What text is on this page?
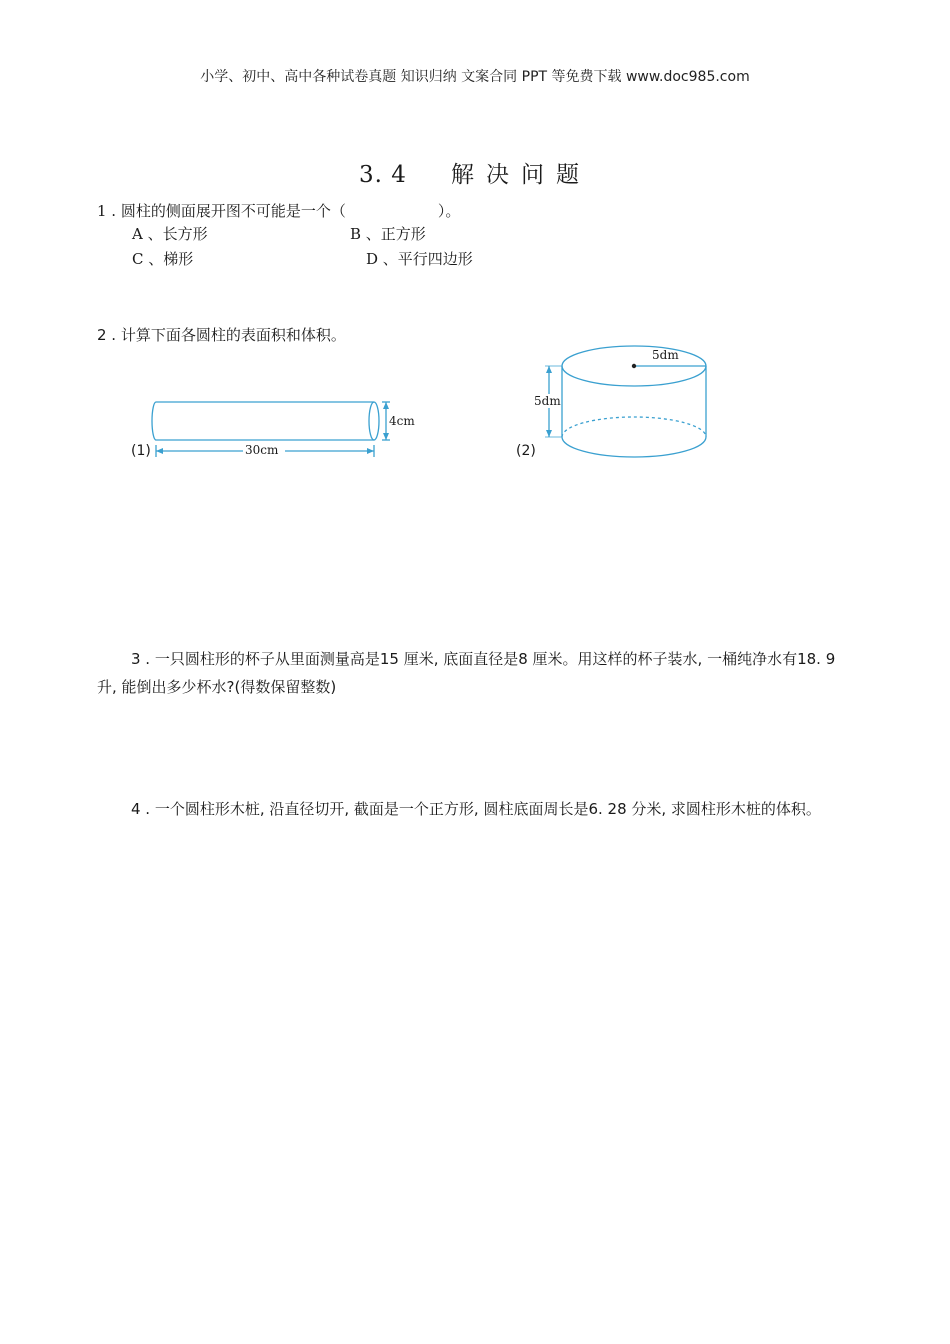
小学、初中、高中各种试卷真题 知识归纳 文案合同 PPT 等免费下载 www.doc985.com
3. 4 解决问题
1 . 圆柱的侧面展开图不可能是一个（	）。
A 、长方形	B 、正方形
C 、梯形	D 、平行四边形
2 . 计算下面各圆柱的表面积和体积。
(1)	(2)
4cm
30cm
5dm
5dm
3 . 一只圆柱形的杯子从里面测量高是15 厘米, 底面直径是8 厘米。用这样的杯子装水, 一桶纯净水有18. 9 升, 能倒出多少杯水?(得数保留整数)
4 . 一个圆柱形木桩, 沿直径切开, 截面是一个正方形, 圆柱底面周长是6. 28 分米, 求圆柱形木桩的体积。
